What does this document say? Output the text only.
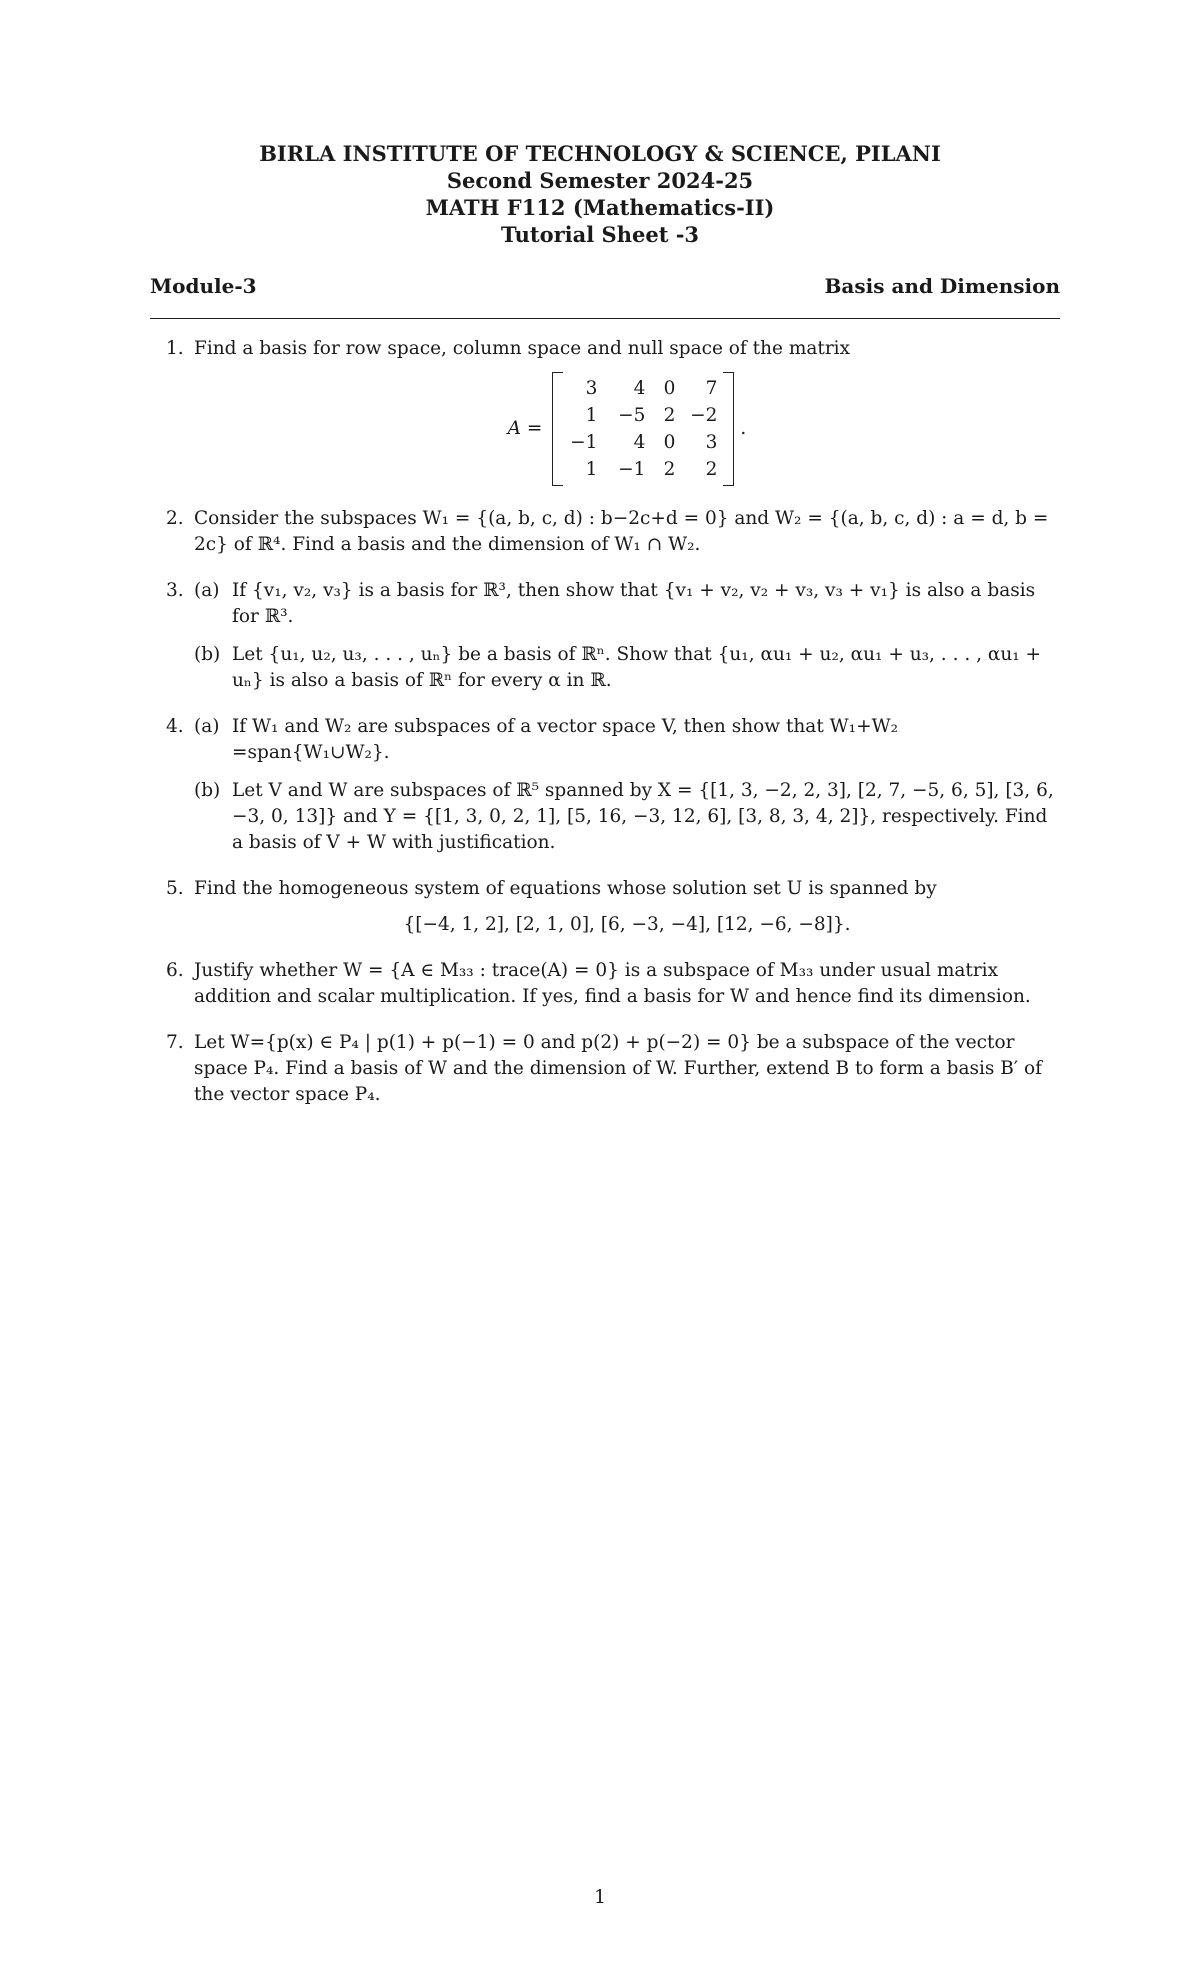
BIRLA INSTITUTE OF TECHNOLOGY & SCIENCE, PILANI
Second Semester 2024-25
MATH F112 (Mathematics-II)
Tutorial Sheet -3
Module-3	Basis and Dimension
1. Find a basis for row space, column space and null space of the matrix
A =
3	4 0	7
1	−5 2 −2
−1	4 0	3
1	−1 2	2
.
2. Consider the subspaces W₁ = {(a, b, c, d) : b−2c+d = 0} and W₂ = {(a, b, c, d) : a = d, b = 2c} of ℝ⁴. Find a basis and the dimension of W₁ ∩ W₂.
3. (a) If {v₁, v₂, v₃} is a basis for ℝ³, then show that {v₁ + v₂, v₂ + v₃, v₃ + v₁} is also a basis for ℝ³.
(b) Let {u₁, u₂, u₃, . . . , uₙ} be a basis of ℝⁿ. Show that {u₁, αu₁ + u₂, αu₁ + u₃, . . . , αu₁ + uₙ} is also a basis of ℝⁿ for every α in ℝ.
4. (a) If W₁ and W₂ are subspaces of a vector space V, then show that W₁+W₂ =span{W₁∪W₂}.
(b) Let V and W are subspaces of ℝ⁵ spanned by X = {[1, 3, −2, 2, 3], [2, 7, −5, 6, 5], [3, 6, −3, 0, 13]} and Y = {[1, 3, 0, 2, 1], [5, 16, −3, 12, 6], [3, 8, 3, 4, 2]}, respectively. Find a basis of V + W with justification.
5. Find the homogeneous system of equations whose solution set U is spanned by
{[−4, 1, 2], [2, 1, 0], [6, −3, −4], [12, −6, −8]}.
6. Justify whether W = {A ∈ M₃₃ : trace(A) = 0} is a subspace of M₃₃ under usual matrix addition and scalar multiplication. If yes, find a basis for W and hence find its dimension.
7. Let W={p(x) ∈ P₄ | p(1) + p(−1) = 0 and p(2) + p(−2) = 0} be a subspace of the vector space P₄. Find a basis of W and the dimension of W. Further, extend B to form a basis B′ of the vector space P₄.
1
